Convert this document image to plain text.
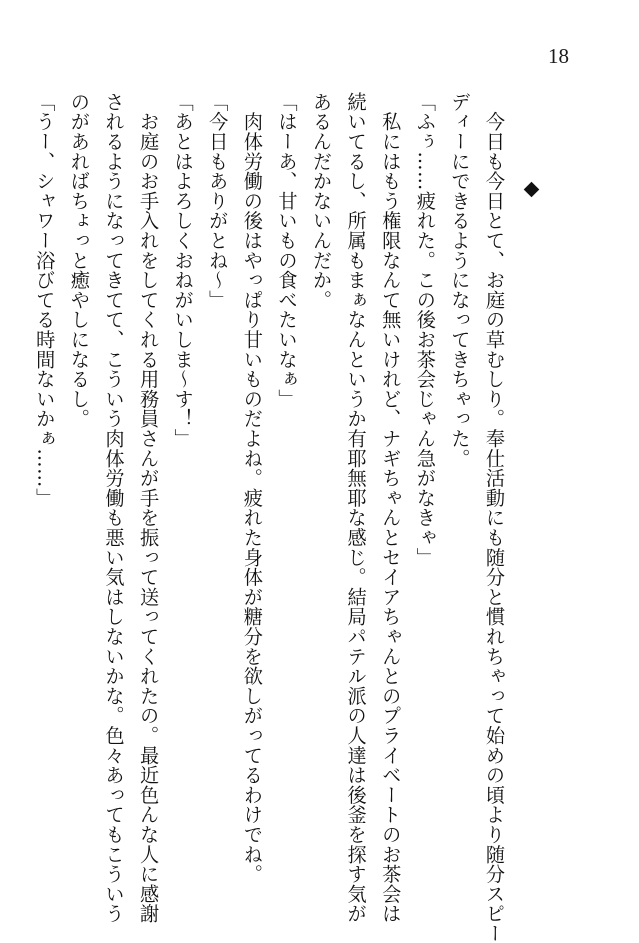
18

　今日も今日とて、お庭の草むしり。奉仕活動にも随分と慣れちゃって始めの頃より随分スピー

ディーにできるようになってきちゃった。

「ふぅ……疲れた。この後お茶会じゃん急がなきゃ」

　私にはもう権限なんて無いけれど、ナギちゃんとセイアちゃんとのプライベートのお茶会は

続いてるし、所属もまぁなんというか有耶無耶な感じ。結局パテル派の人達は後釜を探す気が

あるんだかないんだか。

「はーあ、甘いもの食べたいなぁ」

　肉体労働の後はやっぱり甘いものだよね。疲れた身体が糖分を欲しがってるわけでね。

「今日もありがとね～」

「あとはよろしくおねがいしま～す！」

　お庭のお手入れをしてくれる用務員さんが手を振って送ってくれたの。最近色んな人に感謝

されるようになってきてて、こういう肉体労働も悪い気はしないかな。色々あってもこういう

のがあればちょっと癒やしになるし。

「うー、シャワー浴びてる時間ないかぁ……」
